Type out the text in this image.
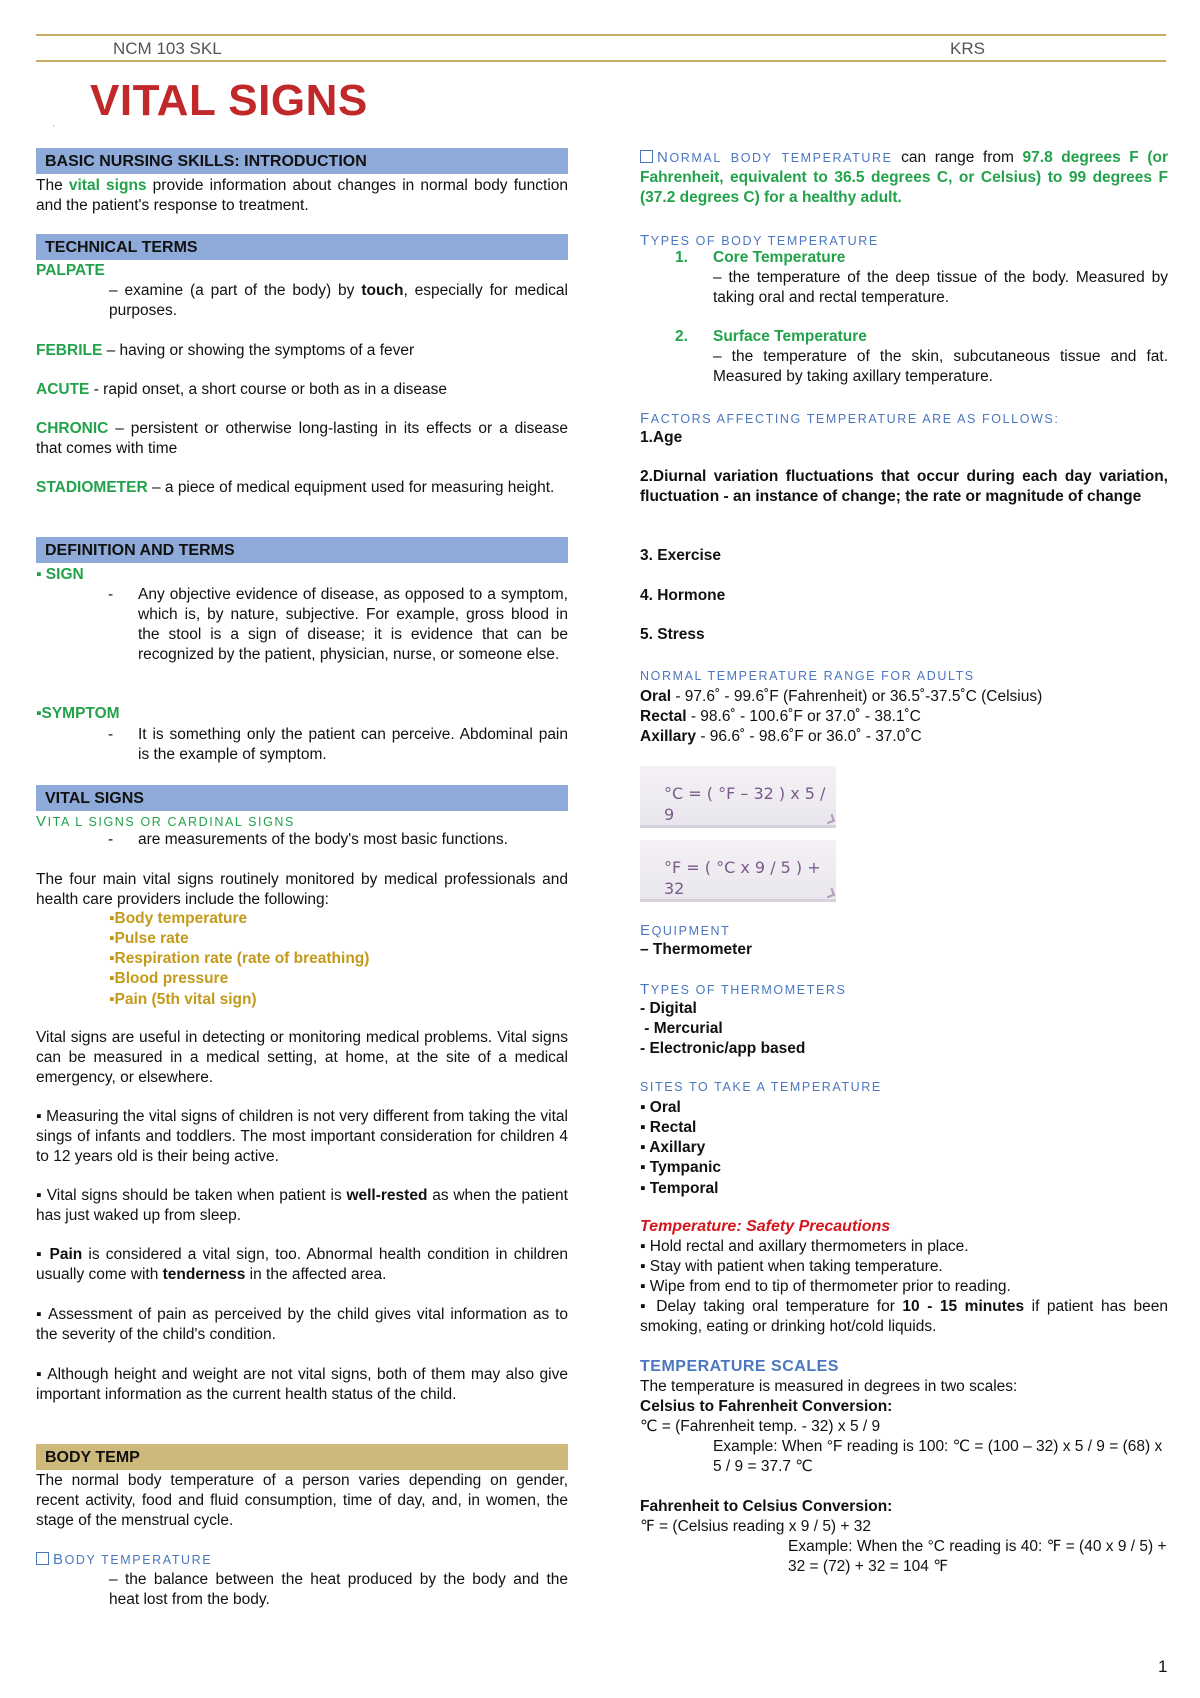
NCM 103 SKL	KRS
VITAL SIGNS
'
BASIC NURSING SKILLS: INTRODUCTION
The vital signs provide information about changes in normal body function and the patient's response to treatment.
TECHNICAL TERMS
PALPATE
– examine (a part of the body) by touch, especially for medical purposes.
FEBRILE – having or showing the symptoms of a fever
ACUTE - rapid onset, a short course or both as in a disease
CHRONIC – persistent or otherwise long-lasting in its effects or a disease that comes with time
STADIOMETER – a piece of medical equipment used for measuring height.
DEFINITION AND TERMS
▪ SIGN
-	Any objective evidence of disease, as opposed to a symptom, which is, by nature, subjective. For example, gross blood in the stool is a sign of disease; it is evidence that can be recognized by the patient, physician, nurse, or someone else.
▪SYMPTOM
-	It is something only the patient can perceive. Abdominal pain is the example of symptom.
VITAL SIGNS
VITA L SIGNS OR CARDINAL SIGNS
-	are measurements of the body's most basic functions.
The four main vital signs routinely monitored by medical professionals and health care providers include the following:
▪Body temperature
▪Pulse rate
▪Respiration rate (rate of breathing)
▪Blood pressure
▪Pain (5th vital sign)
Vital signs are useful in detecting or monitoring medical problems. Vital signs can be measured in a medical setting, at home, at the site of a medical emergency, or elsewhere.
▪ Measuring the vital signs of children is not very different from taking the vital sings of infants and toddlers. The most important consideration for children 4 to 12 years old is their being active.
▪ Vital signs should be taken when patient is well-rested as when the patient has just waked up from sleep.
▪ Pain is considered a vital sign, too. Abnormal health condition in children usually come with tenderness in the affected area.
▪ Assessment of pain as perceived by the child gives vital information as to the severity of the child's condition.
▪ Although height and weight are not vital signs, both of them may also give important information as the current health status of the child.
BODY TEMP
The normal body temperature of a person varies depending on gender, recent activity, food and fluid consumption, time of day, and, in women, the stage of the menstrual cycle.
BODY TEMPERATURE
– the balance between the heat produced by the body and the heat lost from the body.
NORMAL BODY TEMPERATURE can range from 97.8 degrees F (or Fahrenheit, equivalent to 36.5 degrees C, or Celsius) to 99 degrees F (37.2 degrees C) for a healthy adult.
TYPES OF BODY TEMPERATURE
1.	Core Temperature
– the temperature of the deep tissue of the body. Measured by taking oral and rectal temperature.
2.	Surface Temperature
– the temperature of the skin, subcutaneous tissue and fat. Measured by taking axillary temperature.
FACTORS AFFECTING TEMPERATURE ARE AS FOLLOWS:
1.Age
2.Diurnal variation fluctuations that occur during each day variation, fluctuation - an instance of change; the rate or magnitude of change
3. Exercise
4. Hormone
5. Stress
NORMAL TEMPERATURE RANGE FOR ADULTS
Oral - 97.6˚ - 99.6˚F (Fahrenheit) or 36.5˚-37.5˚C (Celsius)
Rectal - 98.6˚ - 100.6˚F or 37.0˚ - 38.1˚C
Axillary - 96.6˚ - 98.6˚F or 36.0˚ - 37.0˚C
°C = ( °F – 32 ) x 5 / 9
°F = ( °C x 9 / 5 ) + 32
EQUIPMENT
– Thermometer
TYPES OF THERMOMETERS
- Digital
- Mercurial
- Electronic/app based
SITES TO TAKE A TEMPERATURE
▪ Oral
▪ Rectal
▪ Axillary
▪ Tympanic
▪ Temporal
Temperature: Safety Precautions
▪ Hold rectal and axillary thermometers in place.
▪ Stay with patient when taking temperature.
▪ Wipe from end to tip of thermometer prior to reading.
▪ Delay taking oral temperature for 10 - 15 minutes if patient has been smoking, eating or drinking hot/cold liquids.
TEMPERATURE SCALES
The temperature is measured in degrees in two scales:
Celsius to Fahrenheit Conversion:
℃ = (Fahrenheit temp. - 32) x 5 / 9
Example: When °F reading is 100: ℃ = (100 – 32) x 5 / 9 = (68) x 5 / 9 = 37.7 ℃
Fahrenheit to Celsius Conversion:
℉ = (Celsius reading x 9 / 5) + 32
Example: When the °C reading is 40: ℉ = (40 x 9 / 5) + 32 = (72) + 32 = 104 ℉
1
